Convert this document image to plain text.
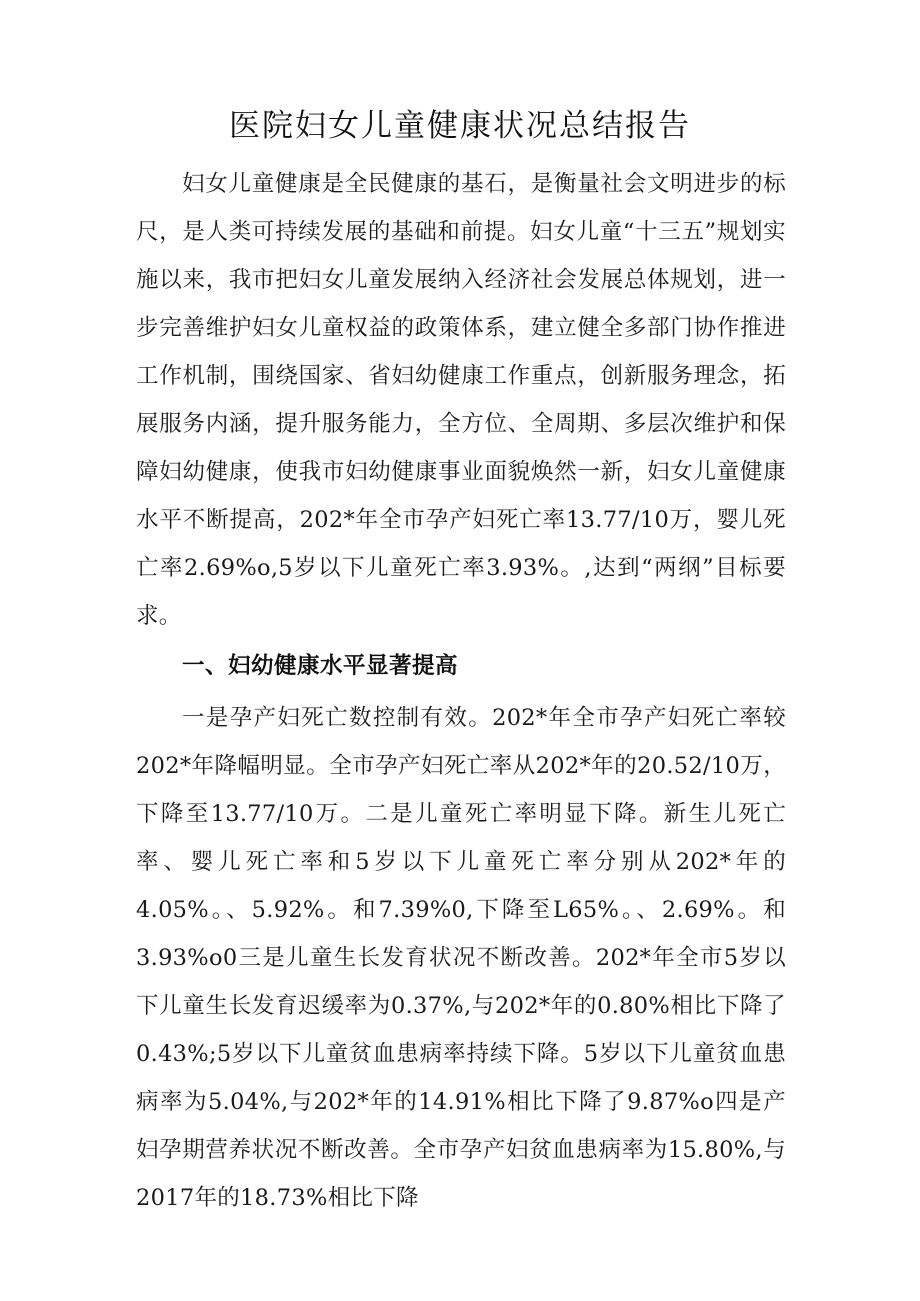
医院妇女儿童健康状况总结报告

妇女儿童健康是全民健康的基石，是衡量社会文明进步的标尺，是人类可持续发展的基础和前提。妇女儿童“十三五”规划实施以来，我市把妇女儿童发展纳入经济社会发展总体规划，进一步完善维护妇女儿童权益的政策体系，建立健全多部门协作推进工作机制，围绕国家、省妇幼健康工作重点，创新服务理念，拓展服务内涵，提升服务能力，全方位、全周期、多层次维护和保障妇幼健康，使我市妇幼健康事业面貌焕然一新，妇女儿童健康水平不断提高，202*年全市孕产妇死亡率13.77/10万，婴儿死亡率2.69%o,5岁以下儿童死亡率3.93%。,达到“两纲”目标要求。

一、妇幼健康水平显著提高

一是孕产妇死亡数控制有效。202*年全市孕产妇死亡率较202*年降幅明显。全市孕产妇死亡率从202*年的20.52/10万，下降至13.77/10万。二是儿童死亡率明显下降。新生儿死亡率、婴儿死亡率和5岁以下儿童死亡率分别从202*年的4.05%。、5.92%。和7.39%0,下降至L65%。、2.69%。和3.93%o0三是儿童生长发育状况不断改善。202*年全市5岁以下儿童生长发育迟缓率为0.37%,与202*年的0.80%相比下降了0.43%;5岁以下儿童贫血患病率持续下降。5岁以下儿童贫血患病率为5.04%,与202*年的14.91%相比下降了9.87%o四是产妇孕期营养状况不断改善。全市孕产妇贫血患病率为15.80%,与2017年的18.73%相比下降
